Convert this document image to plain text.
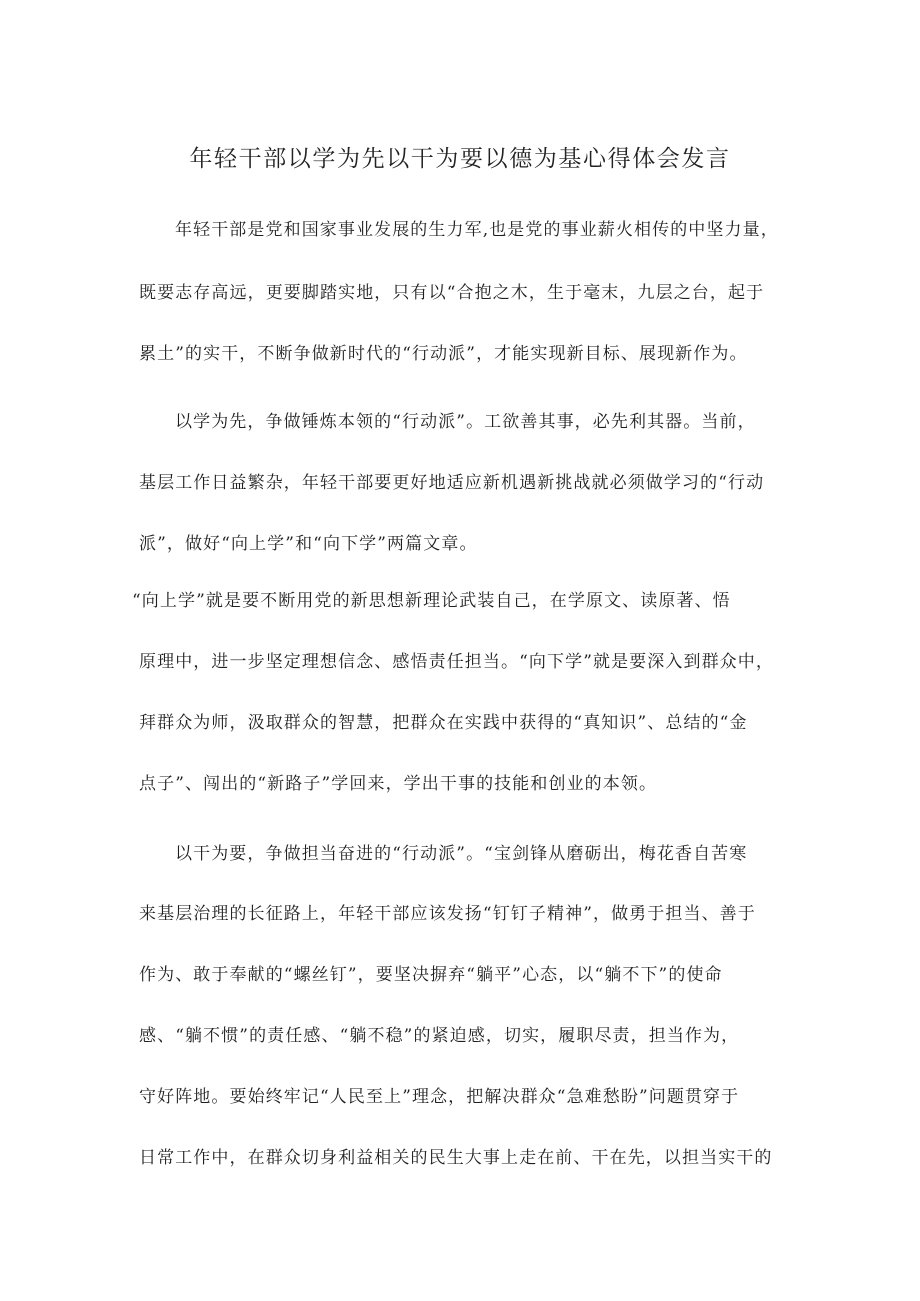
年轻干部以学为先以干为要以德为基心得体会发言
年轻干部是党和国家事业发展的生力军,也是党的事业薪火相传的中坚力量，
既要志存高远，更要脚踏实地，只有以“合抱之木，生于毫末，九层之台，起于
累土”的实干，不断争做新时代的“行动派”，才能实现新目标、展现新作为。
以学为先，争做锤炼本领的“行动派”。工欲善其事，必先利其器。当前，
基层工作日益繁杂，年轻干部要更好地适应新机遇新挑战就必须做学习的“行动
派”，做好“向上学”和“向下学”两篇文章。
“向上学”就是要不断用党的新思想新理论武装自己，在学原文、读原著、悟
原理中，进一步坚定理想信念、感悟责任担当。“向下学”就是要深入到群众中，
拜群众为师，汲取群众的智慧，把群众在实践中获得的“真知识”、总结的“金
点子”、闯出的“新路子”学回来，学出干事的技能和创业的本领。
以干为要，争做担当奋进的“行动派”。“宝剑锋从磨砺出，梅花香自苦寒
来基层治理的长征路上，年轻干部应该发扬“钉钉子精神”，做勇于担当、善于
作为、敢于奉献的“螺丝钉”，要坚决摒弃“躺平”心态，以“躺不下”的使命
感、“躺不惯”的责任感、“躺不稳”的紧迫感，切实，履职尽责，担当作为，
守好阵地。要始终牢记“人民至上”理念，把解决群众“急难愁盼”问题贯穿于
日常工作中，在群众切身利益相关的民生大事上走在前、干在先，以担当实干的
